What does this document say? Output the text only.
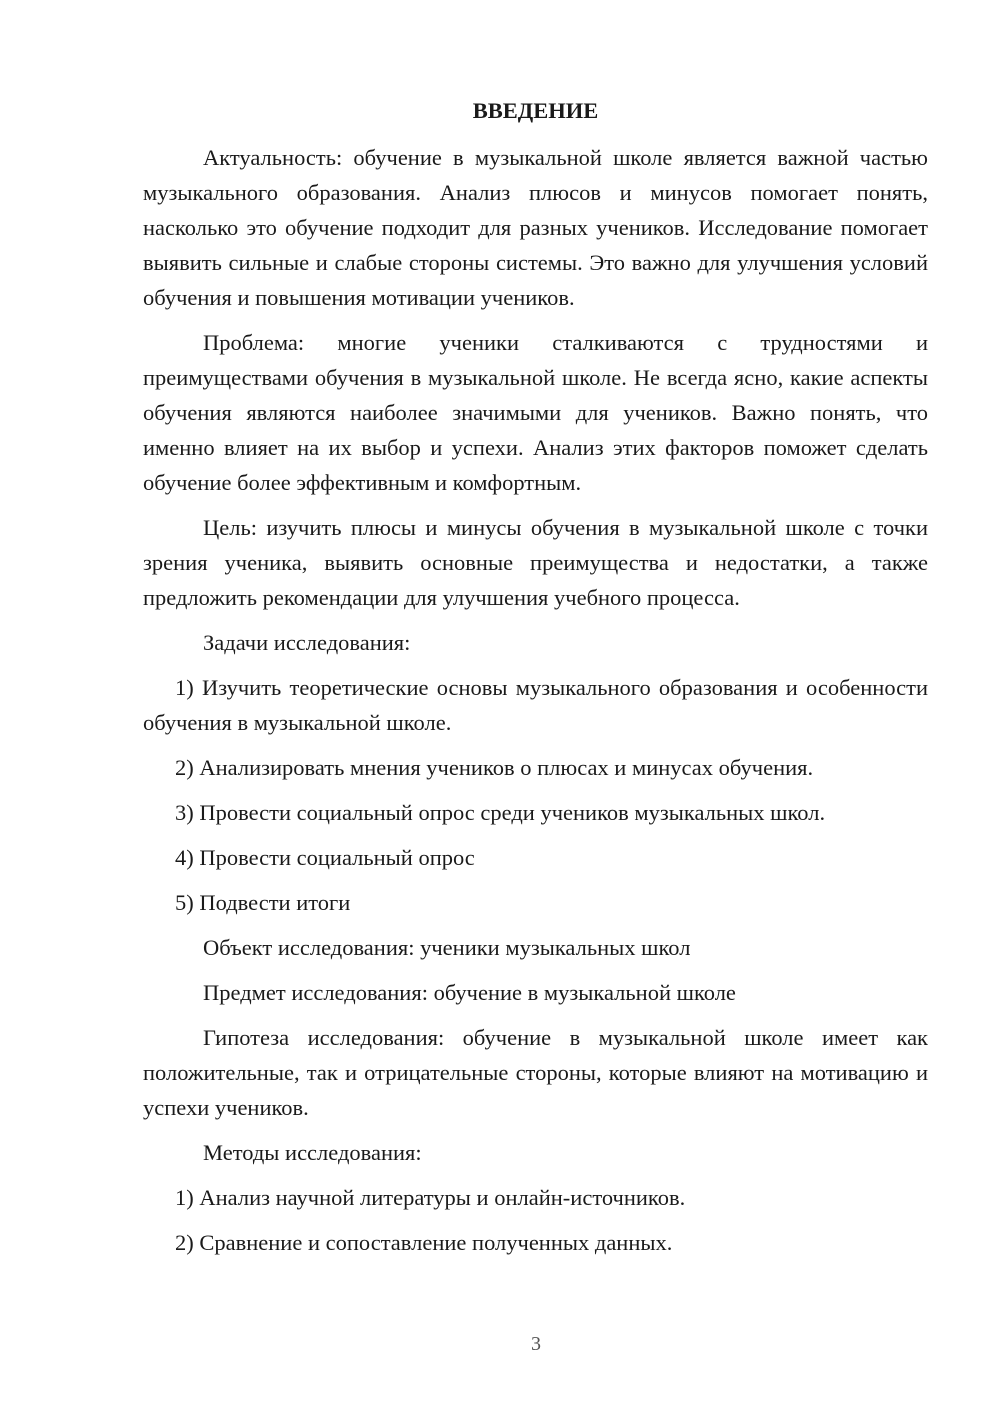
ВВЕДЕНИЕ

Актуальность: обучение в музыкальной школе является важной частью музыкального образования. Анализ плюсов и минусов помогает понять, насколько это обучение подходит для разных учеников. Исследование помогает выявить сильные и слабые стороны системы. Это важно для улучшения условий обучения и повышения мотивации учеников.

Проблема: многие ученики сталкиваются с трудностями и преимуществами обучения в музыкальной школе. Не всегда ясно, какие аспекты обучения являются наиболее значимыми для учеников. Важно понять, что именно влияет на их выбор и успехи. Анализ этих факторов поможет сделать обучение более эффективным и комфортным.

Цель: изучить плюсы и минусы обучения в музыкальной школе с точки зрения ученика, выявить основные преимущества и недостатки, а также предложить рекомендации для улучшения учебного процесса.

Задачи исследования:

1) Изучить теоретические основы музыкального образования и особенности обучения в музыкальной школе.

2) Анализировать мнения учеников о плюсах и минусах обучения.

3) Провести социальный опрос среди учеников музыкальных школ.

4) Провести социальный опрос

5) Подвести итоги

Объект исследования: ученики музыкальных школ

Предмет исследования: обучение в музыкальной школе

Гипотеза исследования: обучение в музыкальной школе имеет как положительные, так и отрицательные стороны, которые влияют на мотивацию и успехи учеников.

Методы исследования:

1) Анализ научной литературы и онлайн-источников.

2) Сравнение и сопоставление полученных данных.

3
